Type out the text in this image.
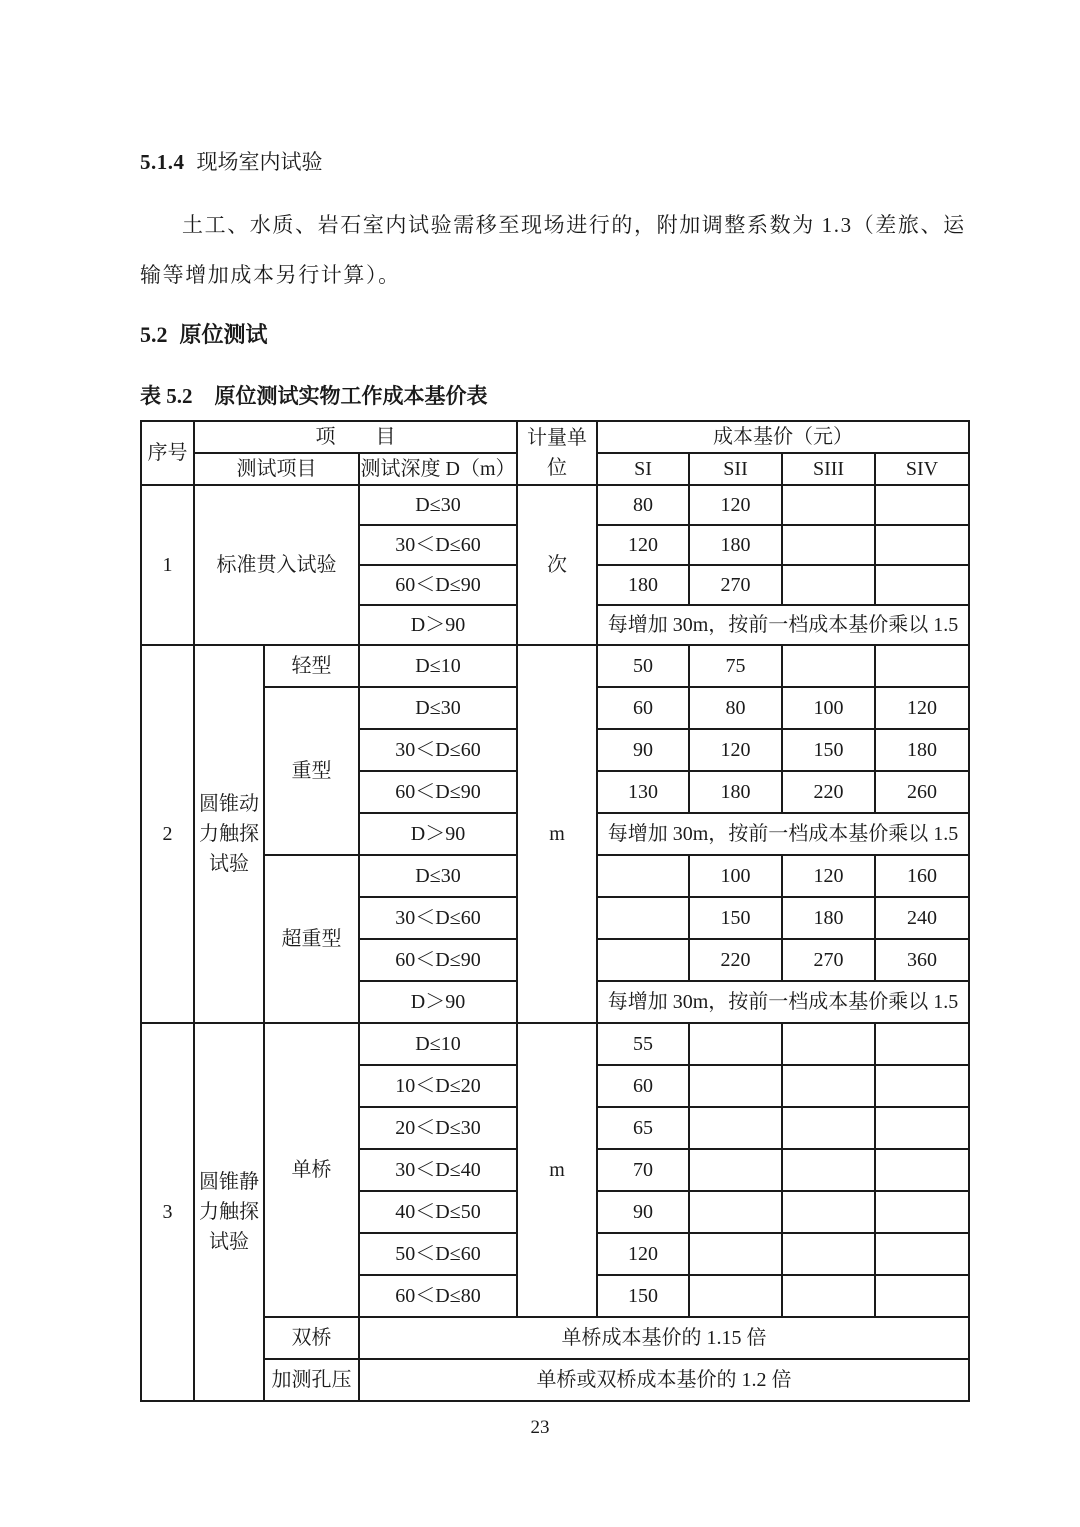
5.1.4 现场室内试验
土工、水质、岩石室内试验需移至现场进行的，附加调整系数为 1.3（差旅、运
输等增加成本另行计算）。
5.2 原位测试
表 5.2 原位测试实物工作成本基价表
序号	项　　目			计量单位	成本基价（元）			
	测试项目		测试深度 D（m）		SI	SII	SIII	SIV
1	标准贯入试验		D≤30	次	80	120		
			30＜D≤60		120	180		
			60＜D≤90		180	270		
			D＞90		每增加 30m，按前一档成本基价乘以 1.5			
2	圆锥动力触探试验	轻型	D≤10	m	50	75		
		重型	D≤30		60	80	100	120
			30＜D≤60		90	120	150	180
			60＜D≤90		130	180	220	260
			D＞90		每增加 30m，按前一档成本基价乘以 1.5			
		超重型	D≤30			100	120	160
			30＜D≤60			150	180	240
			60＜D≤90			220	270	360
			D＞90		每增加 30m，按前一档成本基价乘以 1.5			
3	圆锥静力触探试验	单桥	D≤10	m	55			
			10＜D≤20		60			
			20＜D≤30		65			
			30＜D≤40		70			
			40＜D≤50		90			
			50＜D≤60		120			
			60＜D≤80		150			
		双桥	单桥成本基价的 1.15 倍					
		加测孔压	单桥或双桥成本基价的 1.2 倍					
23
